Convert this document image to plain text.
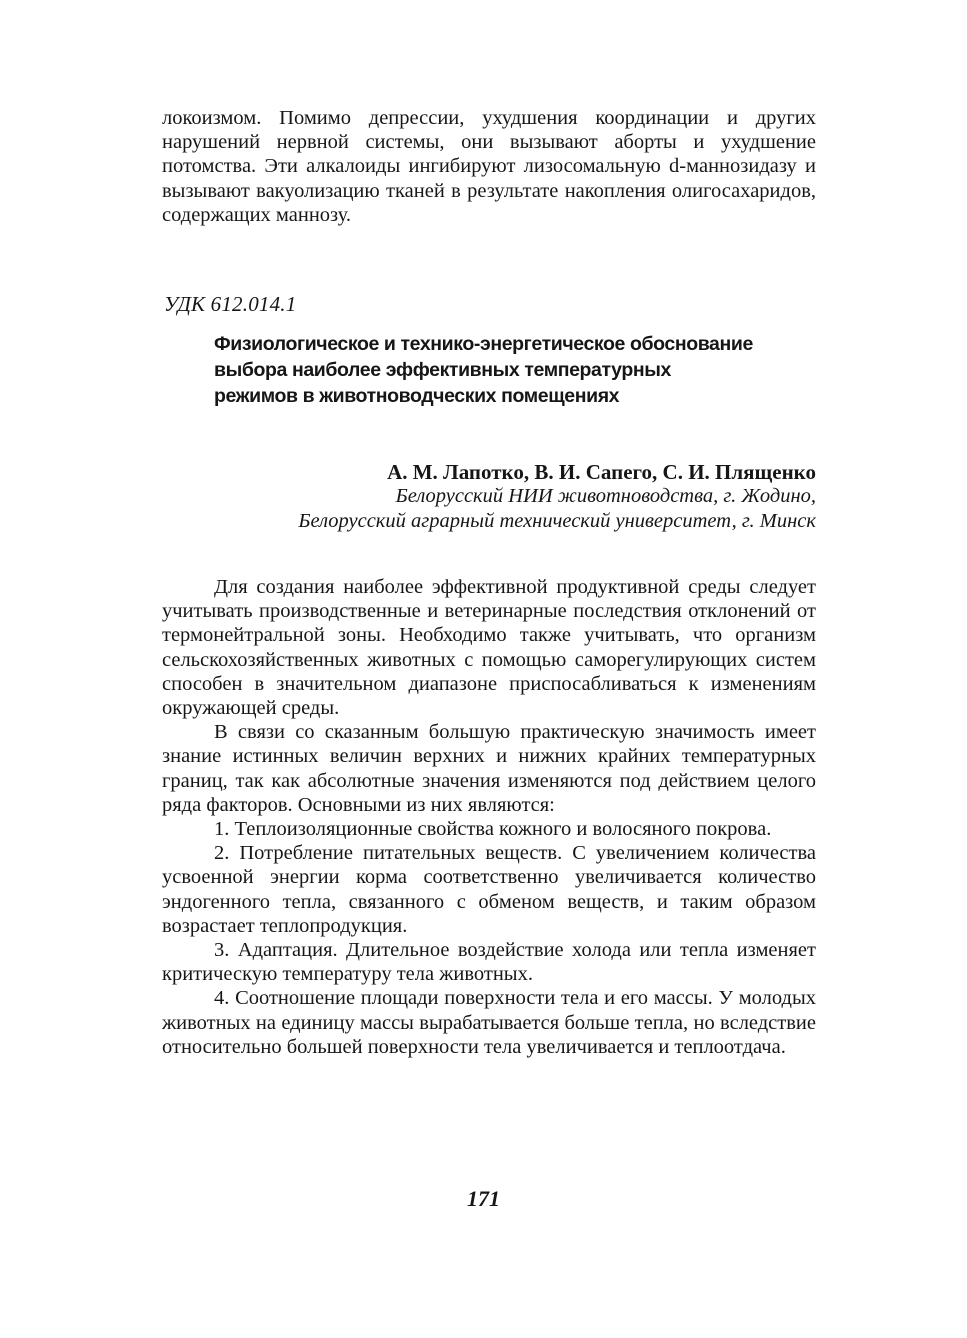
локоизмом. Помимо депрессии, ухудшения координации и других нарушений нервной системы, они вызывают аборты и ухудшение потомства. Эти алкалоиды ингибируют лизосомальную d-маннозидазу и вызывают вакуолизацию тканей в результате накопления олигосахаридов, содержащих маннозу.

УДК 612.014.1
Физиологическое и технико-энергетическое обоснование выбора наиболее эффективных температурных режимов в животноводческих помещениях
А. М. Лапотко, В. И. Сапего, С. И. Плященко
Белорусский НИИ животноводства, г. Жодино,
Белорусский аграрный технический университет, г. Минск

Для создания наиболее эффективной продуктивной среды следует учитывать производственные и ветеринарные последствия отклонений от термонейтральной зоны. Необходимо также учитывать, что организм сельскохозяйственных животных с помощью саморегулирующих систем способен в значительном диапазоне приспосабливаться к изменениям окружающей среды.

В связи со сказанным большую практическую значимость имеет знание истинных величин верхних и нижних крайних температурных границ, так как абсолютные значения изменяются под действием целого ряда факторов. Основными из них являются:

1. Теплоизоляционные свойства кожного и волосяного покрова.

2. Потребление питательных веществ. С увеличением количества усвоенной энергии корма соответственно увеличивается количество эндогенного тепла, связанного с обменом веществ, и таким образом возрастает теплопродукция.

3. Адаптация. Длительное воздействие холода или тепла изменяет критическую температуру тела животных.

4. Соотношение площади поверхности тела и его массы. У молодых животных на единицу массы вырабатывается больше тепла, но вследствие относительно большей поверхности тела увеличивается и теплоотдача.

171
